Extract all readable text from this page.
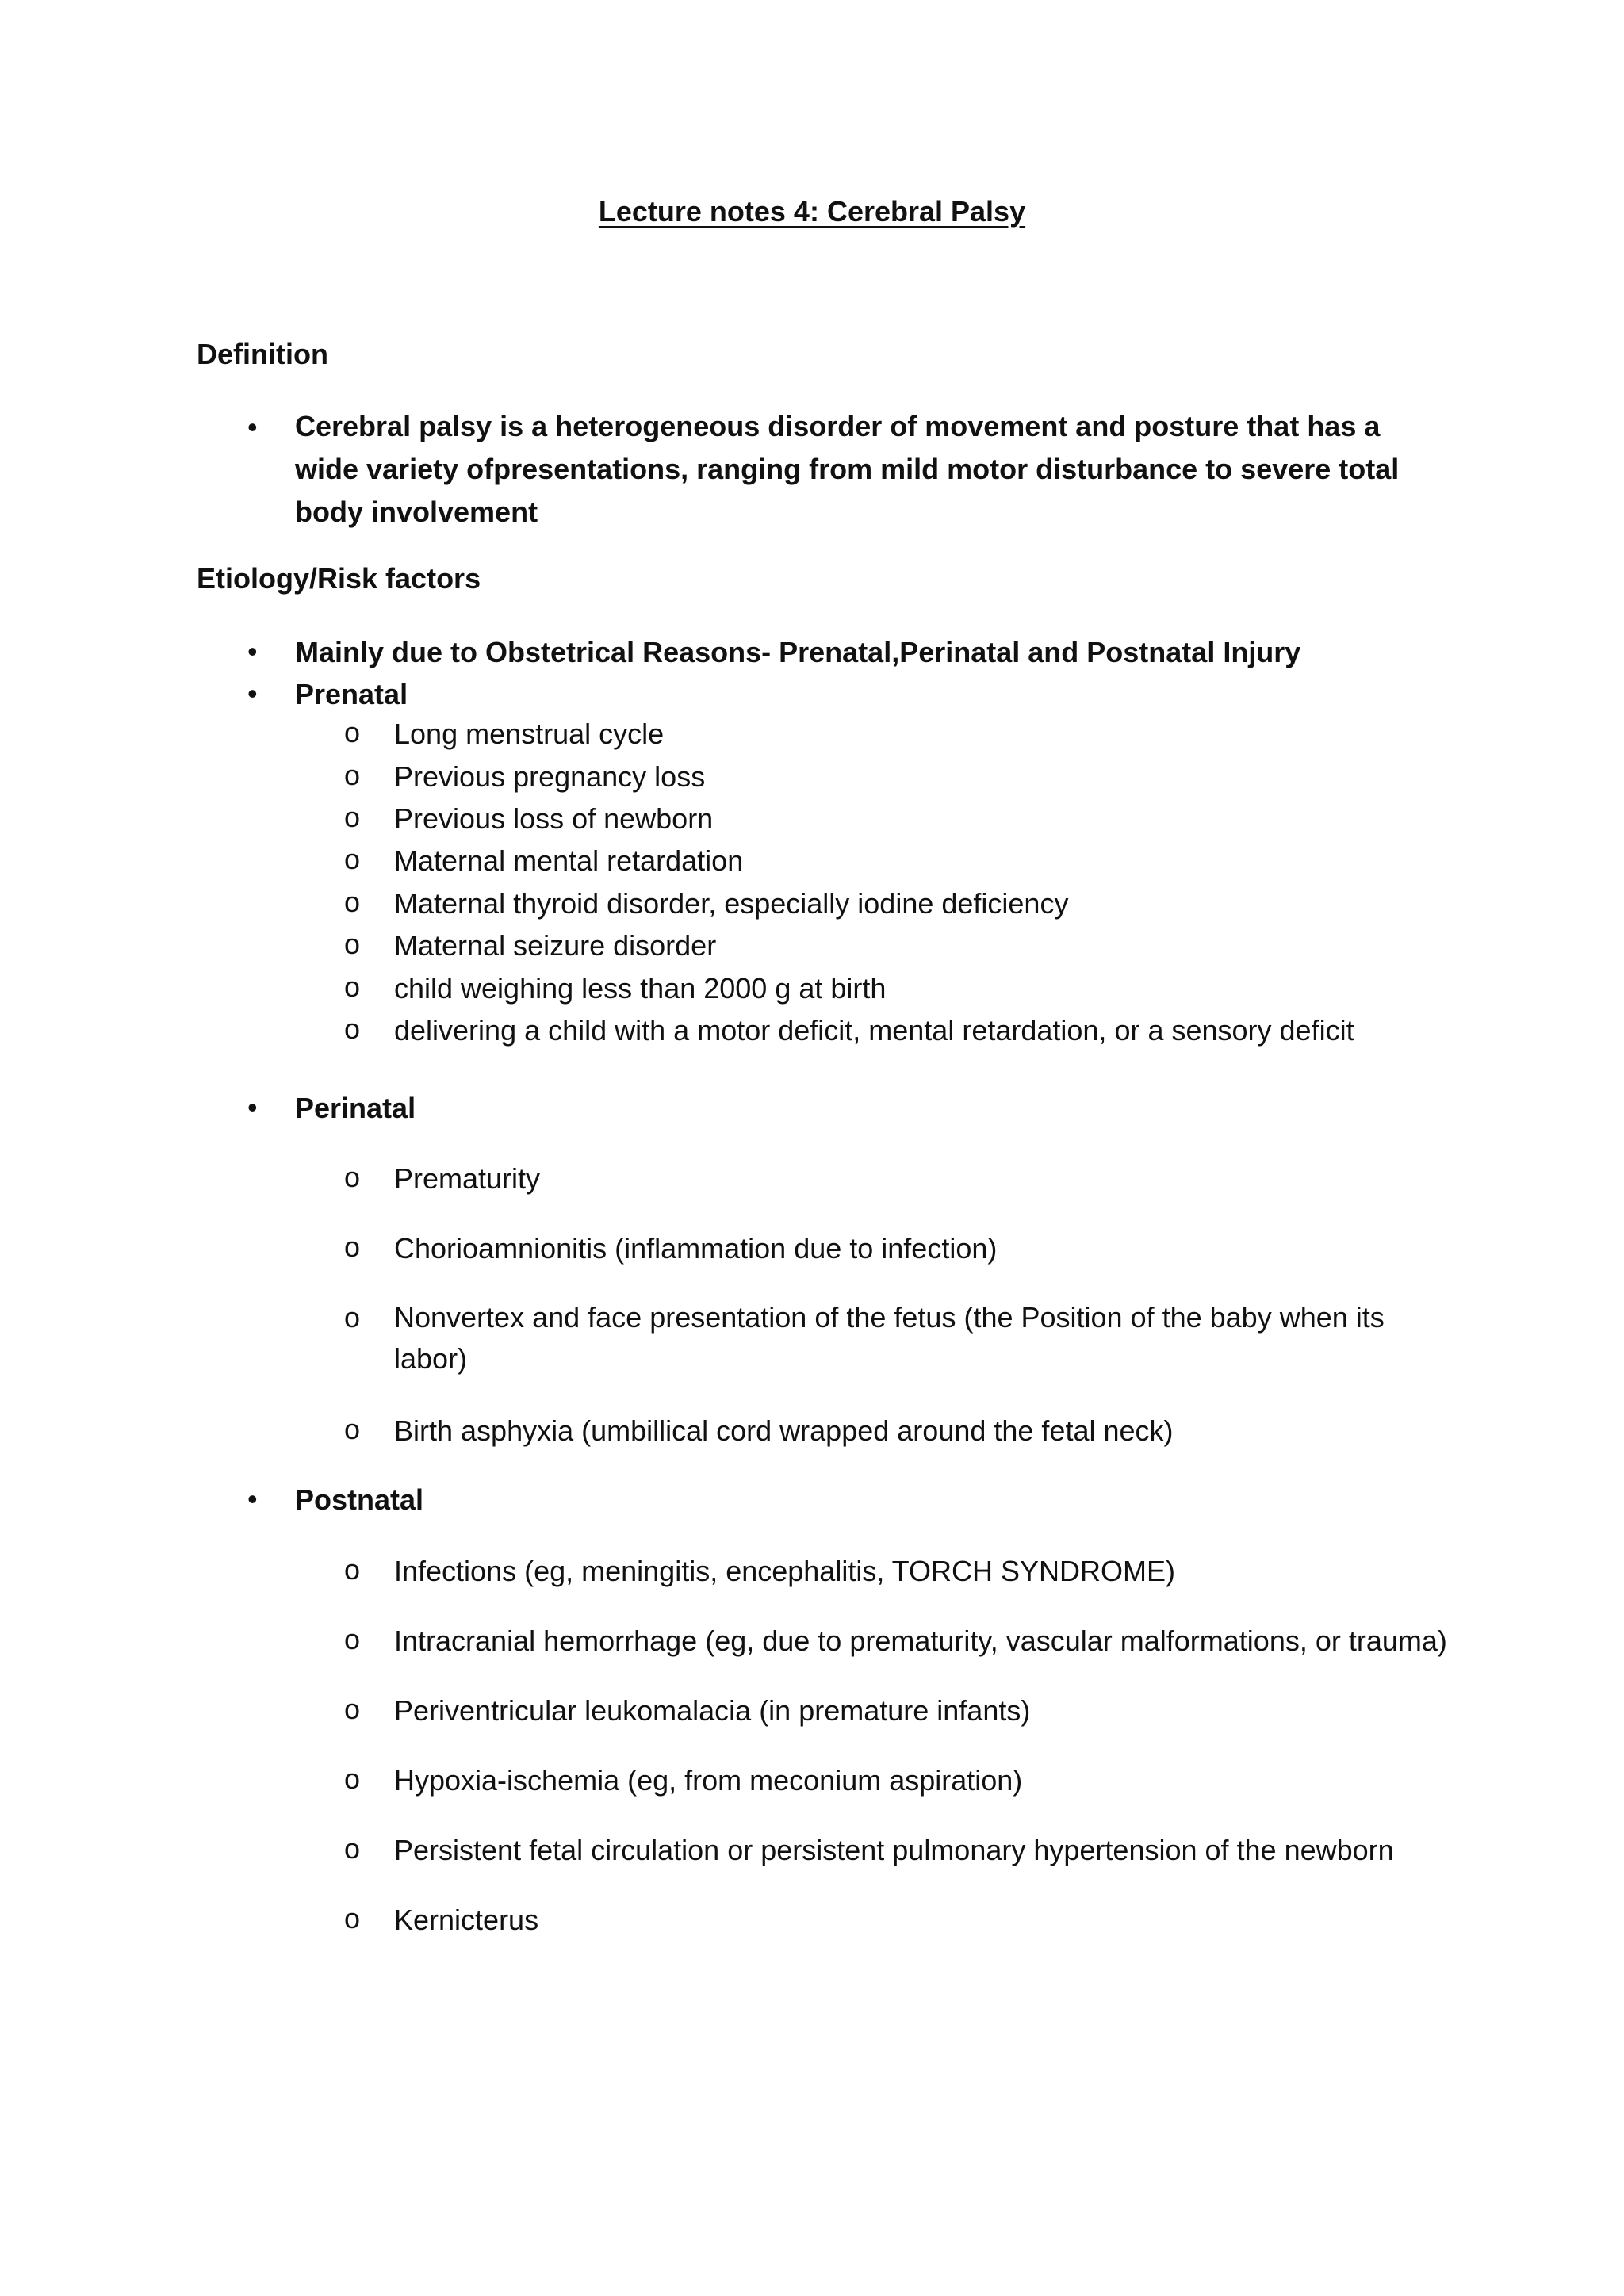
Lecture notes 4: Cerebral Palsy
Definition
• Cerebral palsy is a heterogeneous disorder of movement and posture that has a wide variety ofpresentations, ranging from mild motor disturbance to severe total body involvement
Etiology/Risk factors
• Mainly due to Obstetrical Reasons- Prenatal,Perinatal and Postnatal Injury
• Prenatal
o Long menstrual cycle
o Previous pregnancy loss
o Previous loss of newborn
o Maternal mental retardation
o Maternal thyroid disorder, especially iodine deficiency
o Maternal seizure disorder
o child weighing less than 2000 g at birth
o delivering a child with a motor deficit, mental retardation, or a sensory deficit
• Perinatal
o Prematurity
o Chorioamnionitis (inflammation due to infection)
o Nonvertex and face presentation of the fetus (the Position of the baby when its labor)
o Birth asphyxia (umbillical cord wrapped around the fetal neck)
• Postnatal
o Infections (eg, meningitis, encephalitis, TORCH SYNDROME)
o Intracranial hemorrhage (eg, due to prematurity, vascular malformations, or trauma)
o Periventricular leukomalacia (in premature infants)
o Hypoxia-ischemia (eg, from meconium aspiration)
o Persistent fetal circulation or persistent pulmonary hypertension of the newborn
o Kernicterus
